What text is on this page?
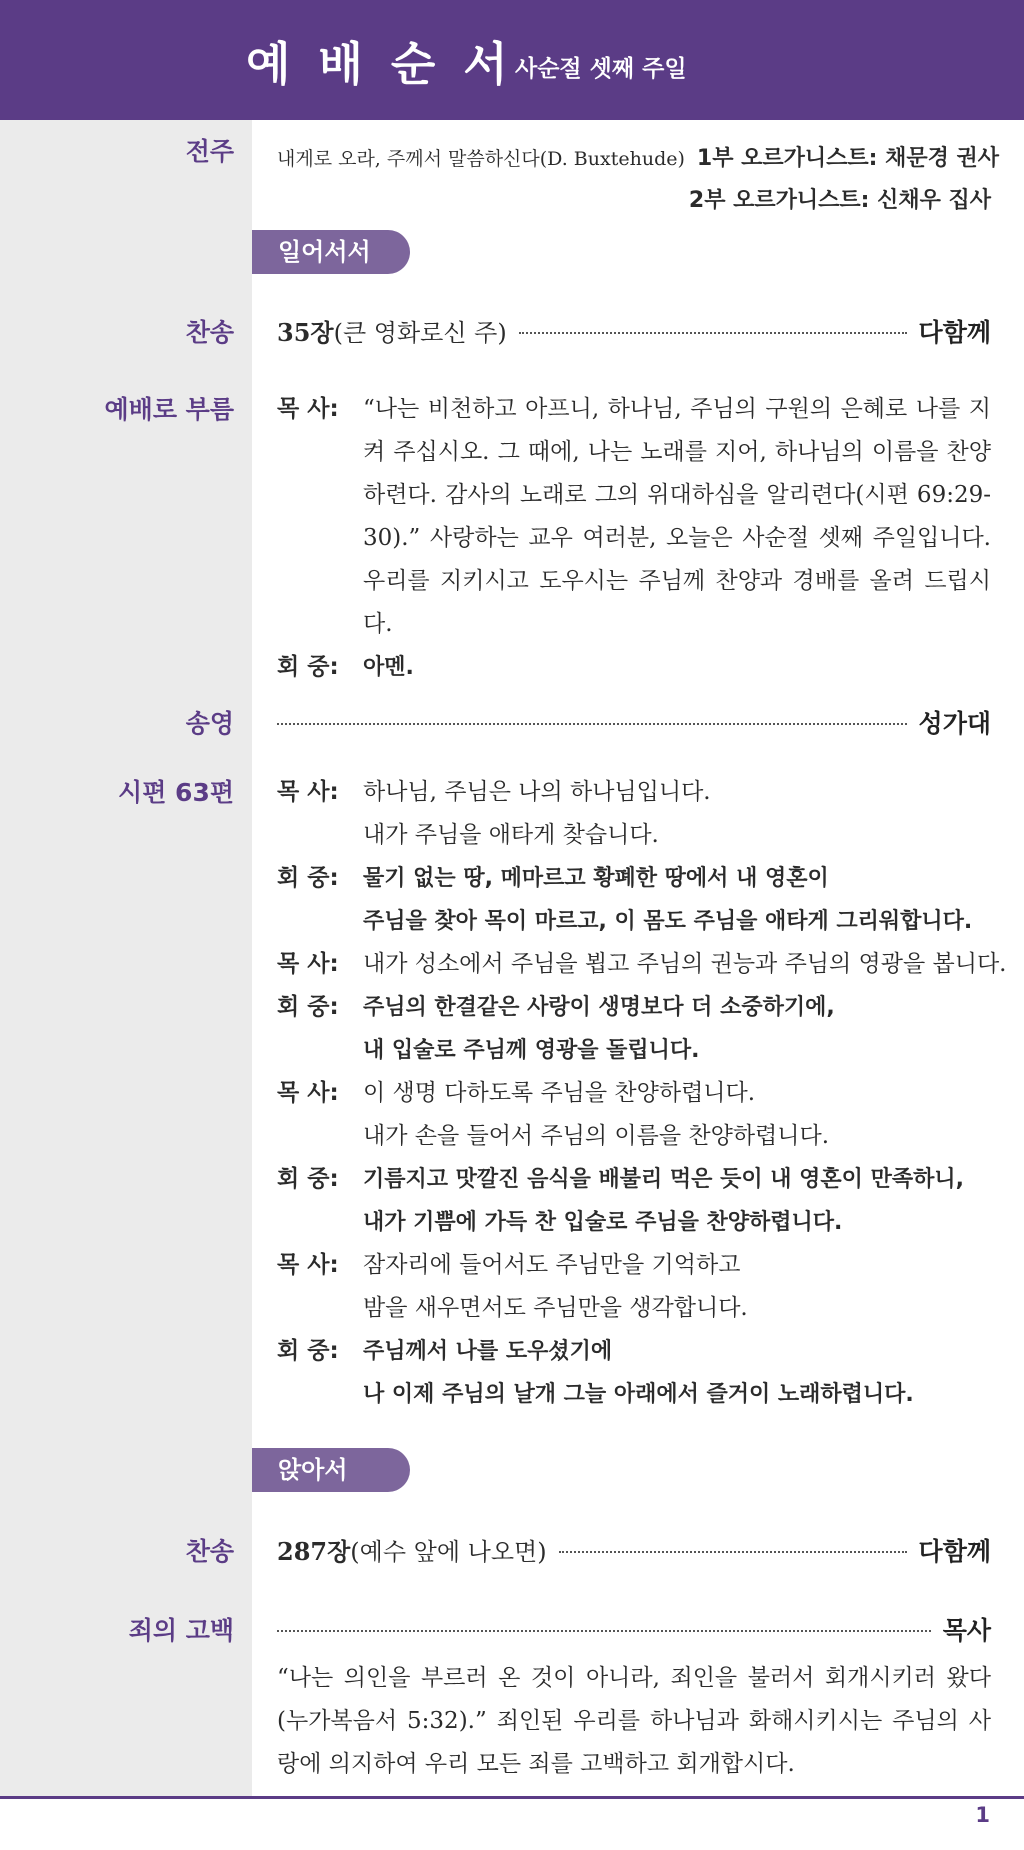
예배순서
사순절 셋째 주일
전주 내게로 오라, 주께서 말씀하신다(D. Buxtehude) 1부 오르가니스트: 채문경 권사
2부 오르가니스트: 신채우 집사
일어서서
찬송 35장 (큰 영화로신 주)	다함께
예배로 부름 목 사:	“나는 비천하고 아프니, 하나님, 주님의 구원의 은혜로 나를 지켜 주십시오. 그 때에, 나는 노래를 지어, 하나님의 이름을 찬양하련다. 감사의 노래로 그의 위대하심을 알리련다(시편 69:29-30).” 사랑하는 교우 여러분, 오늘은 사순절 셋째 주일입니다. 우리를 지키시고 도우시는 주님께 찬양과 경배를 올려 드립시다.
회 중:	아멘.
송영	성가대
시편 63편 목 사:	하나님, 주님은 나의 하나님입니다.
내가 주님을 애타게 찾습니다.
회 중:	물기 없는 땅, 메마르고 황폐한 땅에서 내 영혼이
주님을 찾아 목이 마르고, 이 몸도 주님을 애타게 그리워합니다.
목 사:	내가 성소에서 주님을 뵙고 주님의 권능과 주님의 영광을 봅니다.
회 중:	주님의 한결같은 사랑이 생명보다 더 소중하기에,
내 입술로 주님께 영광을 돌립니다.
목 사:	이 생명 다하도록 주님을 찬양하렵니다.
내가 손을 들어서 주님의 이름을 찬양하렵니다.
회 중:	기름지고 맛깔진 음식을 배불리 먹은 듯이 내 영혼이 만족하니,
내가 기쁨에 가득 찬 입술로 주님을 찬양하렵니다.
목 사:	잠자리에 들어서도 주님만을 기억하고
밤을 새우면서도 주님만을 생각합니다.
회 중:	주님께서 나를 도우셨기에
나 이제 주님의 날개 그늘 아래에서 즐거이 노래하렵니다.
앉아서
찬송 287장 (예수 앞에 나오면)	다함께
죄의 고백	목사
“나는 의인을 부르러 온 것이 아니라, 죄인을 불러서 회개시키러 왔다(누가복음서 5:32).” 죄인된 우리를 하나님과 화해시키시는 주님의 사랑에 의지하여 우리 모든 죄를 고백하고 회개합시다.
1
